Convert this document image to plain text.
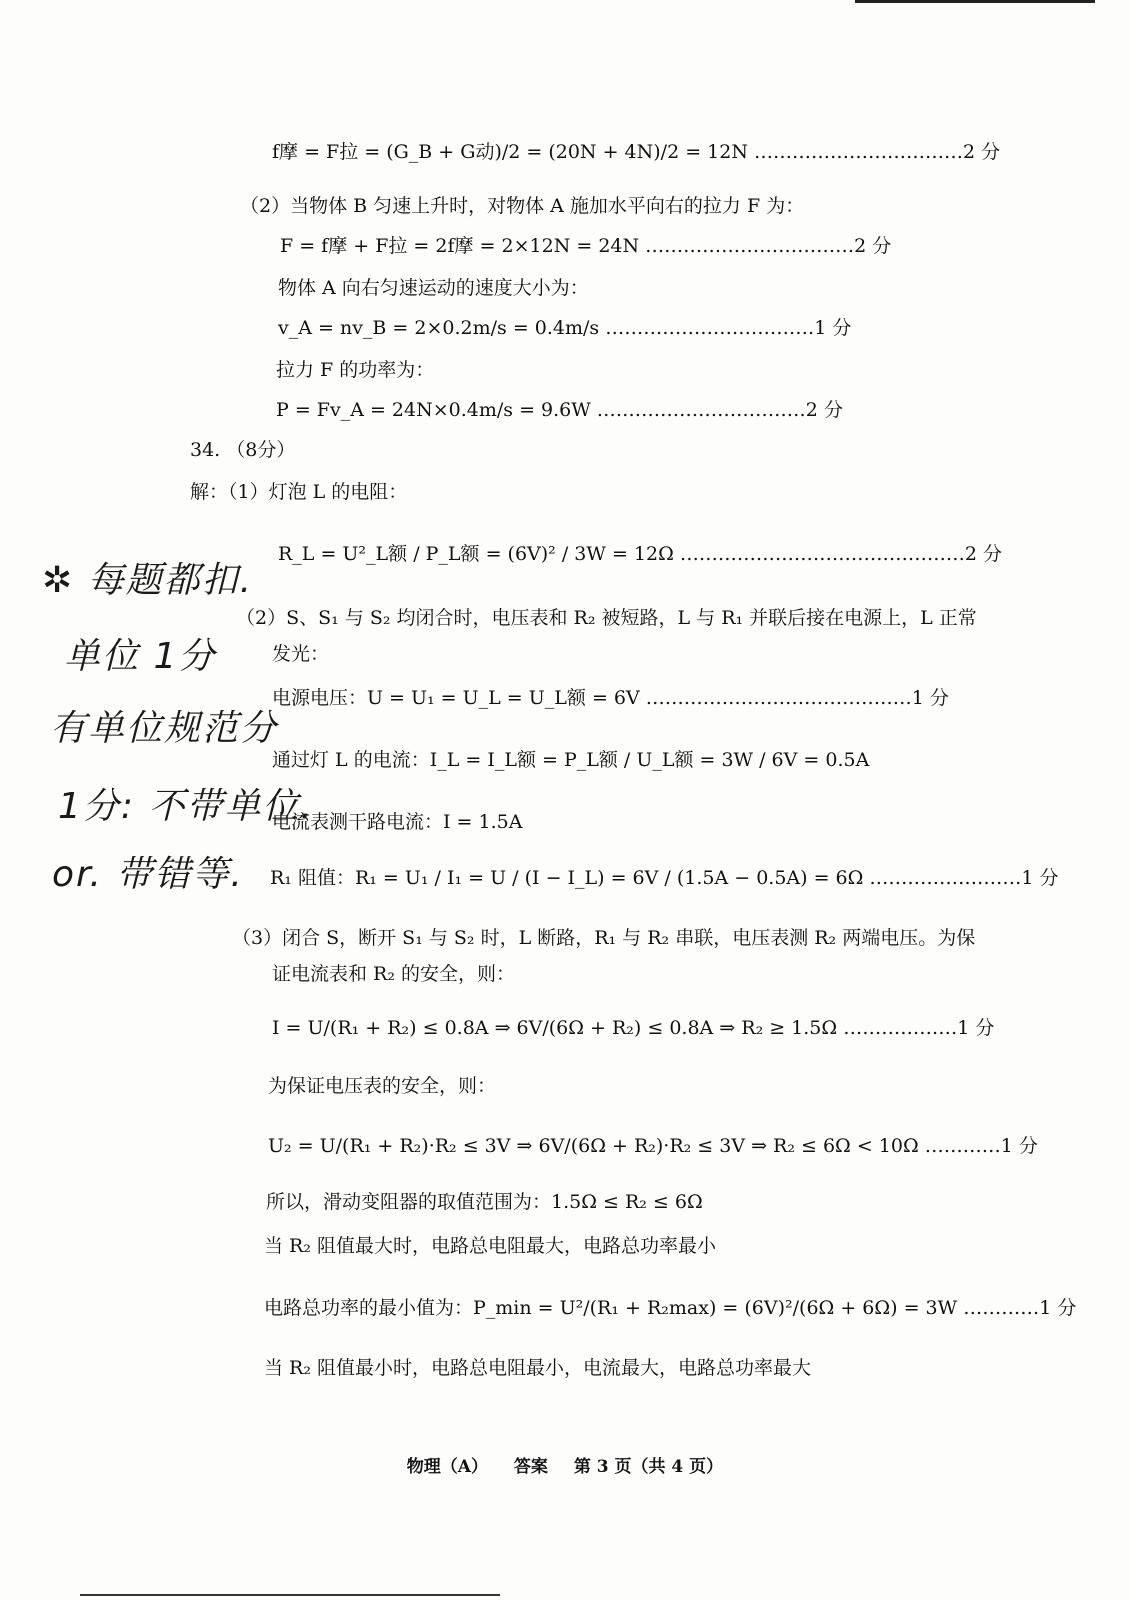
f摩 = F拉 = (G_B + G动)/2 = (20N + 4N)/2 = 12N ……………………………2 分
（2）当物体 B 匀速上升时，对物体 A 施加水平向右的拉力 F 为：
F = f摩 + F拉 = 2f摩 = 2×12N = 24N ……………………………2 分
物体 A 向右匀速运动的速度大小为：
v_A = nv_B = 2×0.2m/s = 0.4m/s ……………………………1 分
拉力 F 的功率为：
P = Fv_A = 24N×0.4m/s = 9.6W ……………………………2 分
34. （8分）
解：（1）灯泡 L 的电阻：
R_L = U²_L额 / P_L额 = (6V)² / 3W = 12Ω ………………………………………2 分
（2）S、S₁ 与 S₂ 均闭合时，电压表和 R₂ 被短路，L 与 R₁ 并联后接在电源上，L 正常
发光：
电源电压：U = U₁ = U_L = U_L额 = 6V ……………………………………1 分
通过灯 L 的电流：I_L = I_L额 = P_L额 / U_L额 = 3W / 6V = 0.5A
电流表测干路电流：I = 1.5A
R₁ 阻值：R₁ = U₁ / I₁ = U / (I − I_L) = 6V / (1.5A − 0.5A) = 6Ω ……………………1 分
（3）闭合 S，断开 S₁ 与 S₂ 时，L 断路，R₁ 与 R₂ 串联，电压表测 R₂ 两端电压。为保
证电流表和 R₂ 的安全，则：
I = U/(R₁ + R₂) ≤ 0.8A ⇒ 6V/(6Ω + R₂) ≤ 0.8A ⇒ R₂ ≥ 1.5Ω ………………1 分
为保证电压表的安全，则：
U₂ = U/(R₁ + R₂)·R₂ ≤ 3V ⇒ 6V/(6Ω + R₂)·R₂ ≤ 3V ⇒ R₂ ≤ 6Ω < 10Ω …………1 分
所以，滑动变阻器的取值范围为：1.5Ω ≤ R₂ ≤ 6Ω
当 R₂ 阻值最大时，电路总电阻最大，电路总功率最小
电路总功率的最小值为：P_min = U²/(R₁ + R₂max) = (6V)²/(6Ω + 6Ω) = 3W …………1 分
当 R₂ 阻值最小时，电路总电阻最小，电流最大，电路总功率最大
✲ 每题都扣.
单位 1分
有单位规范分
1分: 不带单位.
or. 带错等.
物理（A） 答案 第 3 页（共 4 页）
